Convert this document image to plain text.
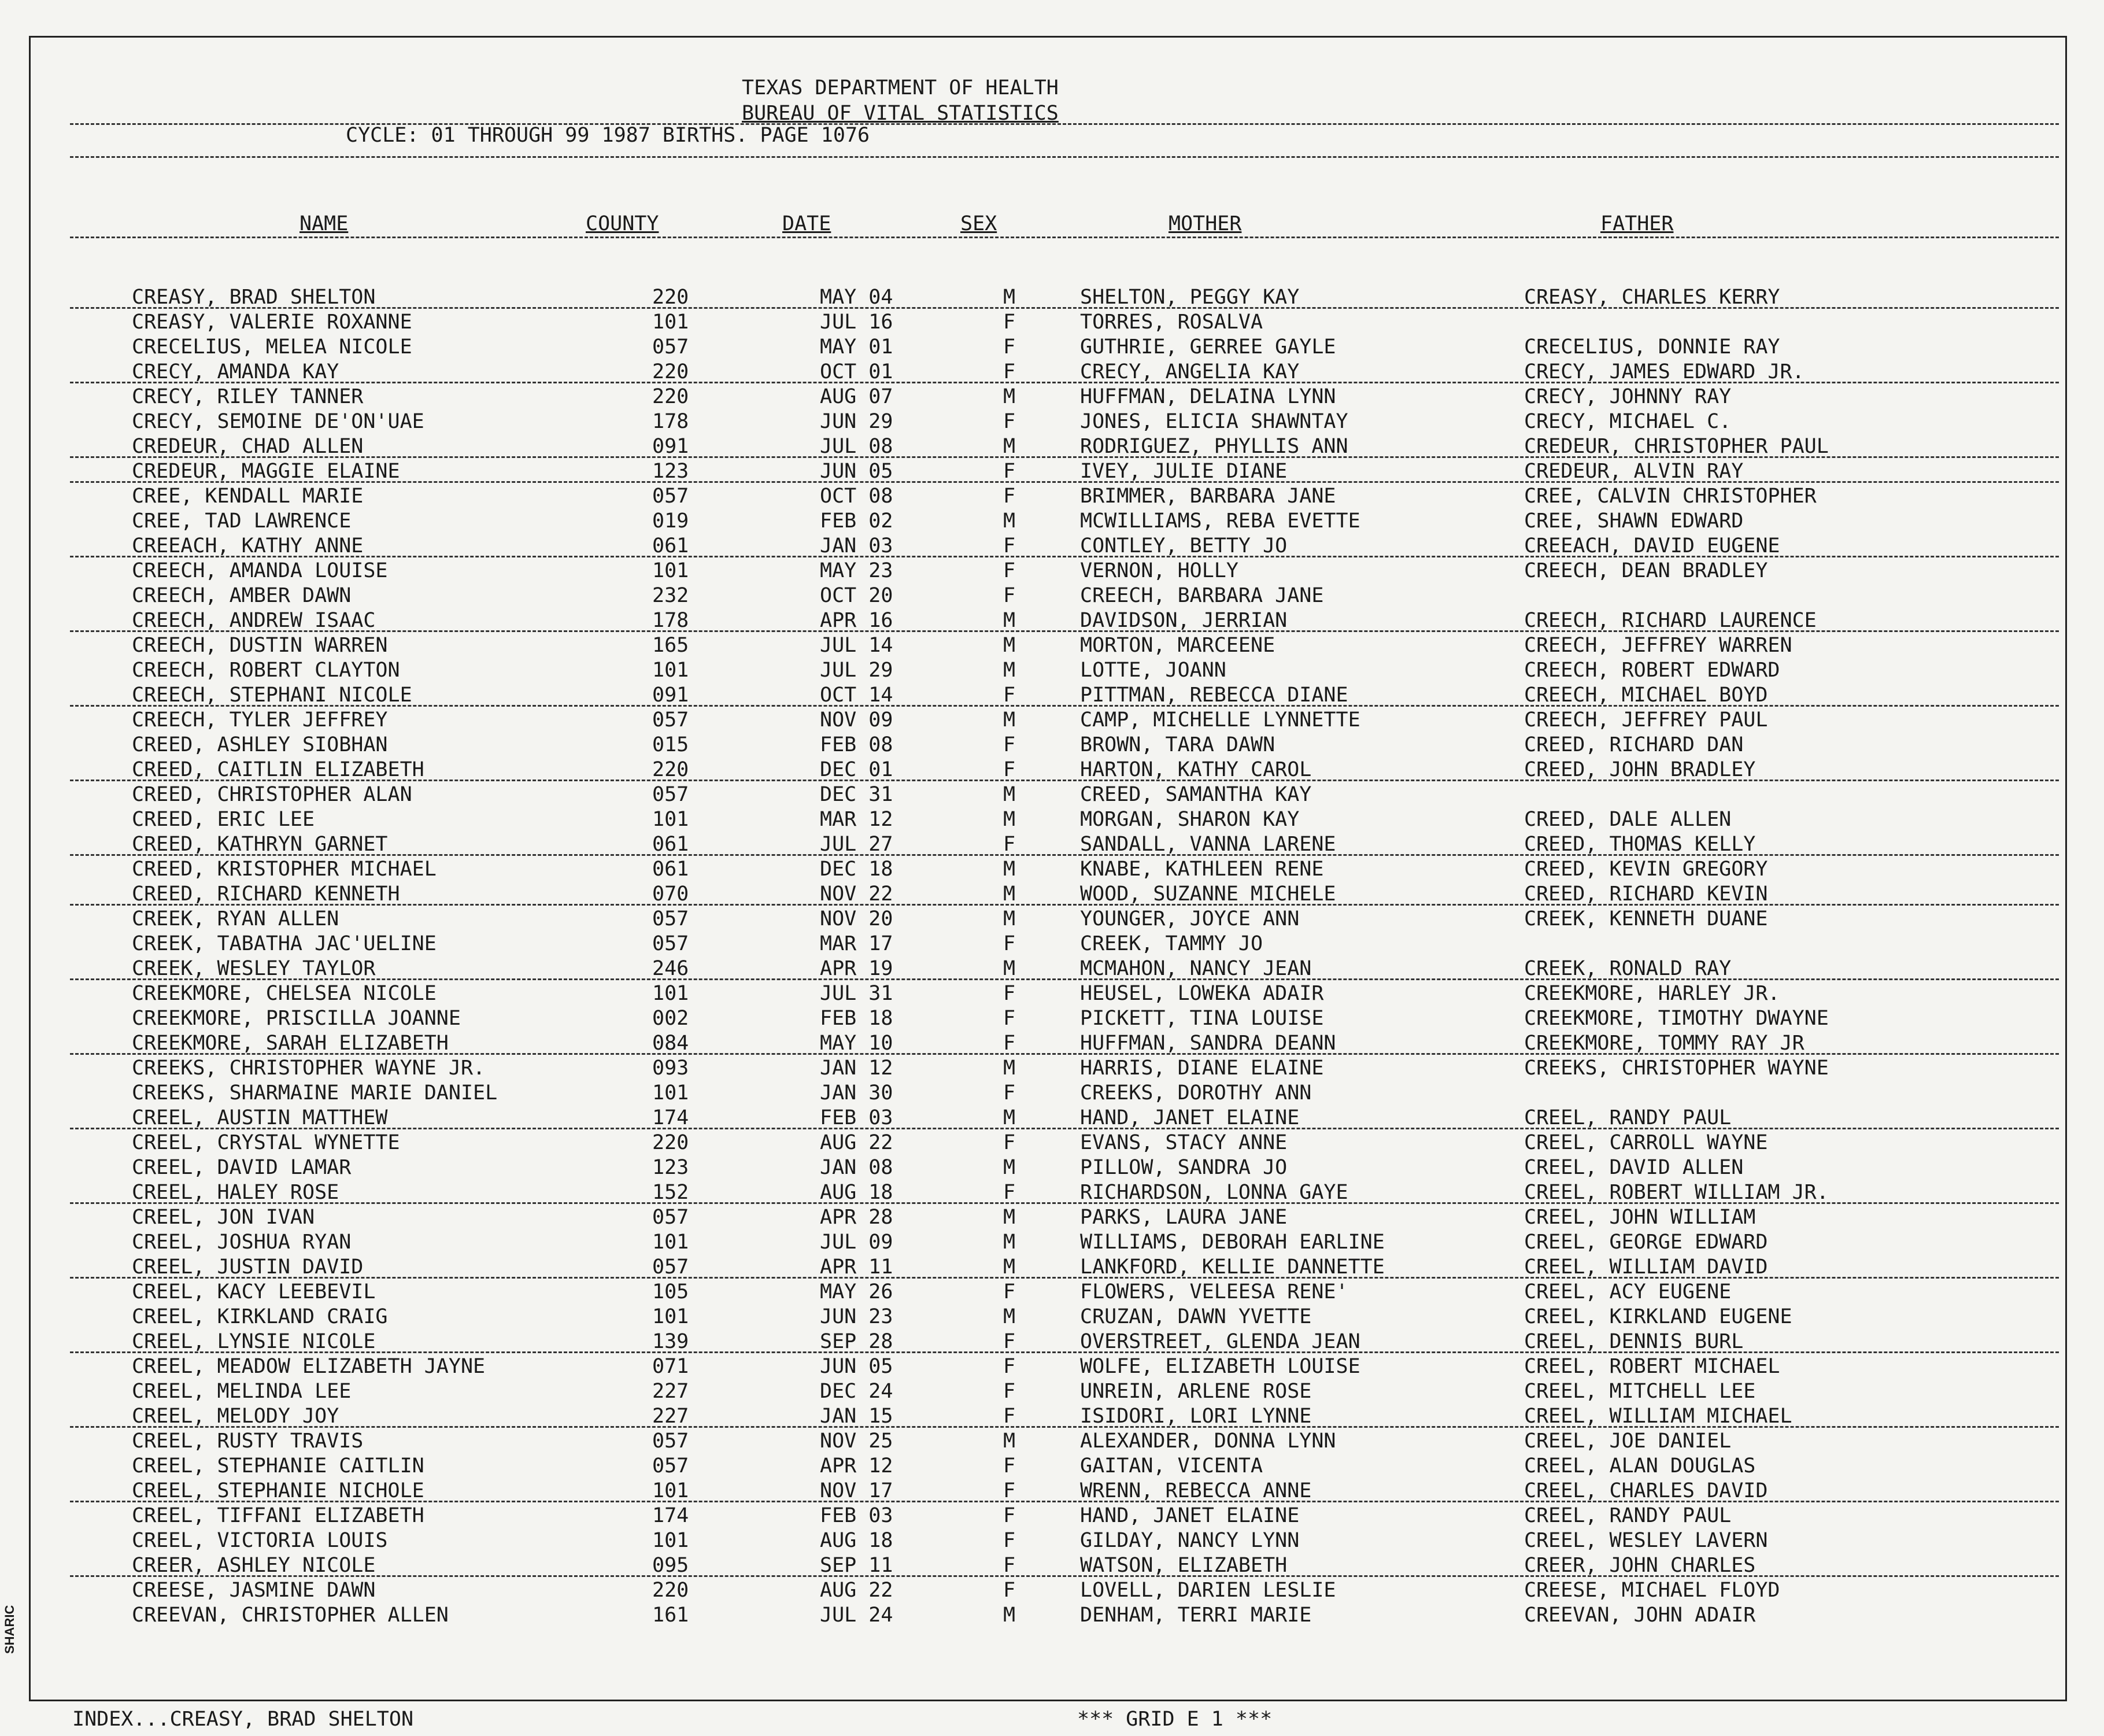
TEXAS DEPARTMENT OF HEALTH
BUREAU OF VITAL STATISTICS
CYCLE: 01 THROUGH 99 1987 BIRTHS. PAGE 1076
NAME	COUNTY	DATE	SEX	MOTHER	FATHER
CREASY, BRAD SHELTON	220	MAY 04	M	SHELTON, PEGGY KAY	CREASY, CHARLES KERRY
CREASY, VALERIE ROXANNE	101	JUL 16	F	TORRES, ROSALVA
CRECELIUS, MELEA NICOLE	057	MAY 01	F	GUTHRIE, GERREE GAYLE	CRECELIUS, DONNIE RAY
CRECY, AMANDA KAY	220	OCT 01	F	CRECY, ANGELIA KAY	CRECY, JAMES EDWARD JR.
CRECY, RILEY TANNER	220	AUG 07	M	HUFFMAN, DELAINA LYNN	CRECY, JOHNNY RAY
CRECY, SEMOINE DE'ON'UAE	178	JUN 29	F	JONES, ELICIA SHAWNTAY	CRECY, MICHAEL C.
CREDEUR, CHAD ALLEN	091	JUL 08	M	RODRIGUEZ, PHYLLIS ANN	CREDEUR, CHRISTOPHER PAUL
CREDEUR, MAGGIE ELAINE	123	JUN 05	F	IVEY, JULIE DIANE	CREDEUR, ALVIN RAY
CREE, KENDALL MARIE	057	OCT 08	F	BRIMMER, BARBARA JANE	CREE, CALVIN CHRISTOPHER
CREE, TAD LAWRENCE	019	FEB 02	M	MCWILLIAMS, REBA EVETTE	CREE, SHAWN EDWARD
CREEACH, KATHY ANNE	061	JAN 03	F	CONTLEY, BETTY JO	CREEACH, DAVID EUGENE
CREECH, AMANDA LOUISE	101	MAY 23	F	VERNON, HOLLY	CREECH, DEAN BRADLEY
CREECH, AMBER DAWN	232	OCT 20	F	CREECH, BARBARA JANE
CREECH, ANDREW ISAAC	178	APR 16	M	DAVIDSON, JERRIAN	CREECH, RICHARD LAURENCE
CREECH, DUSTIN WARREN	165	JUL 14	M	MORTON, MARCEENE	CREECH, JEFFREY WARREN
CREECH, ROBERT CLAYTON	101	JUL 29	M	LOTTE, JOANN	CREECH, ROBERT EDWARD
CREECH, STEPHANI NICOLE	091	OCT 14	F	PITTMAN, REBECCA DIANE	CREECH, MICHAEL BOYD
CREECH, TYLER JEFFREY	057	NOV 09	M	CAMP, MICHELLE LYNNETTE	CREECH, JEFFREY PAUL
CREED, ASHLEY SIOBHAN	015	FEB 08	F	BROWN, TARA DAWN	CREED, RICHARD DAN
CREED, CAITLIN ELIZABETH	220	DEC 01	F	HARTON, KATHY CAROL	CREED, JOHN BRADLEY
CREED, CHRISTOPHER ALAN	057	DEC 31	M	CREED, SAMANTHA KAY
CREED, ERIC LEE	101	MAR 12	M	MORGAN, SHARON KAY	CREED, DALE ALLEN
CREED, KATHRYN GARNET	061	JUL 27	F	SANDALL, VANNA LARENE	CREED, THOMAS KELLY
CREED, KRISTOPHER MICHAEL	061	DEC 18	M	KNABE, KATHLEEN RENE	CREED, KEVIN GREGORY
CREED, RICHARD KENNETH	070	NOV 22	M	WOOD, SUZANNE MICHELE	CREED, RICHARD KEVIN
CREEK, RYAN ALLEN	057	NOV 20	M	YOUNGER, JOYCE ANN	CREEK, KENNETH DUANE
CREEK, TABATHA JAC'UELINE	057	MAR 17	F	CREEK, TAMMY JO
CREEK, WESLEY TAYLOR	246	APR 19	M	MCMAHON, NANCY JEAN	CREEK, RONALD RAY
CREEKMORE, CHELSEA NICOLE	101	JUL 31	F	HEUSEL, LOWEKA ADAIR	CREEKMORE, HARLEY JR.
CREEKMORE, PRISCILLA JOANNE	002	FEB 18	F	PICKETT, TINA LOUISE	CREEKMORE, TIMOTHY DWAYNE
CREEKMORE, SARAH ELIZABETH	084	MAY 10	F	HUFFMAN, SANDRA DEANN	CREEKMORE, TOMMY RAY JR
CREEKS, CHRISTOPHER WAYNE JR.	093	JAN 12	M	HARRIS, DIANE ELAINE	CREEKS, CHRISTOPHER WAYNE
CREEKS, SHARMAINE MARIE DANIEL	101	JAN 30	F	CREEKS, DOROTHY ANN
CREEL, AUSTIN MATTHEW	174	FEB 03	M	HAND, JANET ELAINE	CREEL, RANDY PAUL
CREEL, CRYSTAL WYNETTE	220	AUG 22	F	EVANS, STACY ANNE	CREEL, CARROLL WAYNE
CREEL, DAVID LAMAR	123	JAN 08	M	PILLOW, SANDRA JO	CREEL, DAVID ALLEN
CREEL, HALEY ROSE	152	AUG 18	F	RICHARDSON, LONNA GAYE	CREEL, ROBERT WILLIAM JR.
CREEL, JON IVAN	057	APR 28	M	PARKS, LAURA JANE	CREEL, JOHN WILLIAM
CREEL, JOSHUA RYAN	101	JUL 09	M	WILLIAMS, DEBORAH EARLINE	CREEL, GEORGE EDWARD
CREEL, JUSTIN DAVID	057	APR 11	M	LANKFORD, KELLIE DANNETTE	CREEL, WILLIAM DAVID
CREEL, KACY LEEBEVIL	105	MAY 26	F	FLOWERS, VELEESA RENE'	CREEL, ACY EUGENE
CREEL, KIRKLAND CRAIG	101	JUN 23	M	CRUZAN, DAWN YVETTE	CREEL, KIRKLAND EUGENE
CREEL, LYNSIE NICOLE	139	SEP 28	F	OVERSTREET, GLENDA JEAN	CREEL, DENNIS BURL
CREEL, MEADOW ELIZABETH JAYNE	071	JUN 05	F	WOLFE, ELIZABETH LOUISE	CREEL, ROBERT MICHAEL
CREEL, MELINDA LEE	227	DEC 24	F	UNREIN, ARLENE ROSE	CREEL, MITCHELL LEE
CREEL, MELODY JOY	227	JAN 15	F	ISIDORI, LORI LYNNE	CREEL, WILLIAM MICHAEL
CREEL, RUSTY TRAVIS	057	NOV 25	M	ALEXANDER, DONNA LYNN	CREEL, JOE DANIEL
CREEL, STEPHANIE CAITLIN	057	APR 12	F	GAITAN, VICENTA	CREEL, ALAN DOUGLAS
CREEL, STEPHANIE NICHOLE	101	NOV 17	F	WRENN, REBECCA ANNE	CREEL, CHARLES DAVID
CREEL, TIFFANI ELIZABETH	174	FEB 03	F	HAND, JANET ELAINE	CREEL, RANDY PAUL
CREEL, VICTORIA LOUIS	101	AUG 18	F	GILDAY, NANCY LYNN	CREEL, WESLEY LAVERN
CREER, ASHLEY NICOLE	095	SEP 11	F	WATSON, ELIZABETH	CREER, JOHN CHARLES
CREESE, JASMINE DAWN	220	AUG 22	F	LOVELL, DARIEN LESLIE	CREESE, MICHAEL FLOYD
CREEVAN, CHRISTOPHER ALLEN	161	JUL 24	M	DENHAM, TERRI MARIE	CREEVAN, JOHN ADAIR
INDEX...CREASY, BRAD SHELTON	*** GRID E 1 ***
SHARIC
